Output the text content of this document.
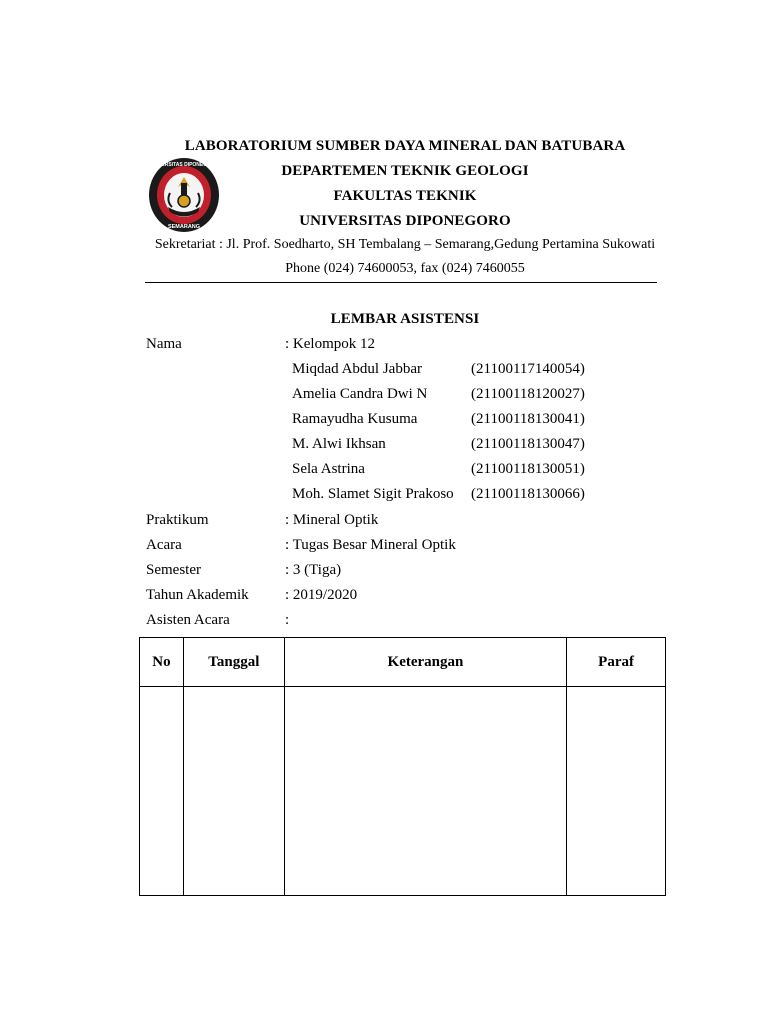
SEMARANG
UNIVERSITAS DIPONEGORO
LABORATORIUM SUMBER DAYA MINERAL DAN BATUBARA
DEPARTEMEN TEKNIK GEOLOGI
FAKULTAS TEKNIK
UNIVERSITAS DIPONEGORO
Sekretariat : Jl. Prof. Soedharto, SH Tembalang – Semarang,Gedung Pertamina Sukowati
Phone (024) 74600053, fax (024) 7460055
LEMBAR ASISTENSI
Nama	: Kelompok 12
Miqdad Abdul Jabbar	(21100117140054)
Amelia Candra Dwi N	(21100118120027)
Ramayudha Kusuma	(21100118130041)
M. Alwi Ikhsan	(21100118130047)
Sela Astrina	(21100118130051)
Moh. Slamet Sigit Prakoso (21100118130066)
Praktikum	: Mineral Optik
Acara	: Tugas Besar Mineral Optik
Semester	: 3 (Tiga)
Tahun Akademik : 2019/2020
Asisten Acara	:
No	Tanggal	Keterangan	Paraf
